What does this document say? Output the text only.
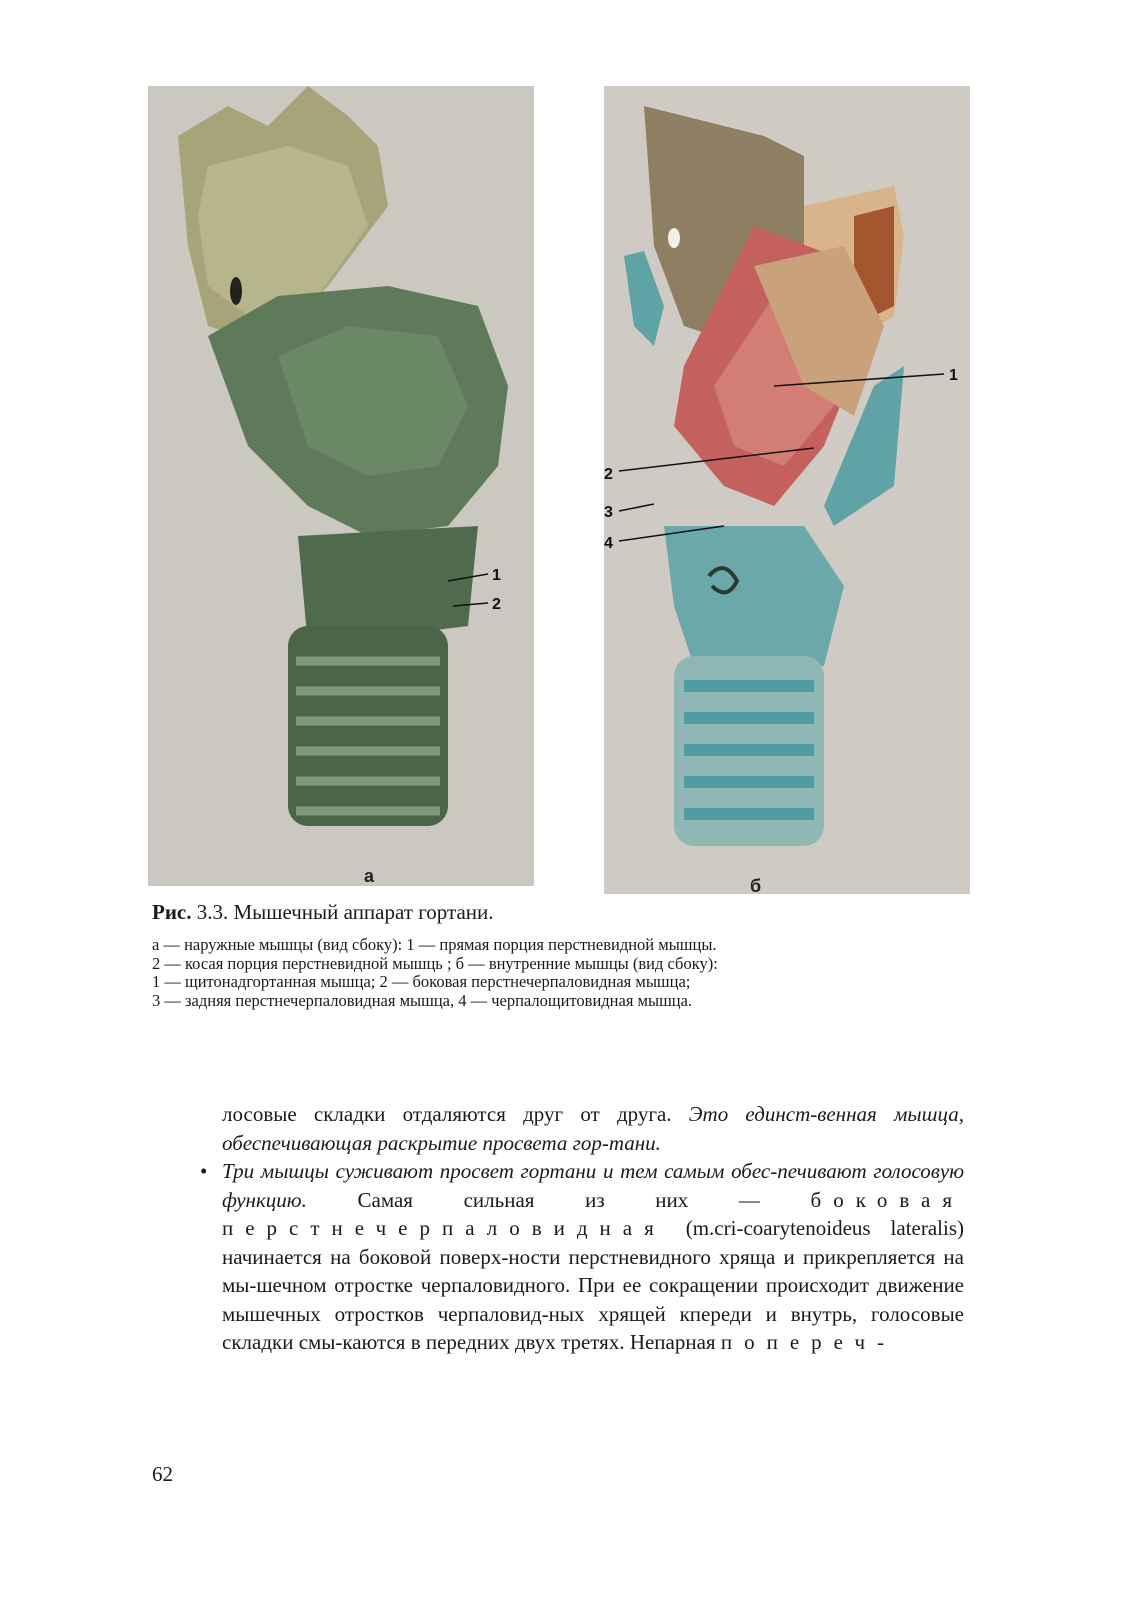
1
2
а
1
2
3
4
б
Рис. 3.3. Мышечный аппарат гортани.
а — наружные мышцы (вид сбоку): 1 — прямая порция перстневидной мышцы.
2 — косая порция перстневидной мышць ; б — внутренние мышцы (вид сбоку):
1 — щитонадгортанная мышца; 2 — боковая перстнечерпаловидная мышца;
3 — задняя перстнечерпаловидная мышца, 4 — черпалощитовидная мышца.

лосовые складки отдаляются друг от друга. Это единст-венная мышца, обеспечивающая раскрытие просвета гор-тани.

• Три мышцы суживают просвет гортани и тем самым обес-печивают голосовую функцию. Самая сильная из них — боковая перстнечерпаловидная (m.cri-coarytenoideus lateralis) начинается на боковой поверх-ности перстневидного хряща и прикрепляется на мы-шечном отростке черпаловидного. При ее сокращении происходит движение мышечных отростков черпаловид-ных хрящей кпереди и внутрь, голосовые складки смы-каются в передних двух третях. Непарная попереч-

62
